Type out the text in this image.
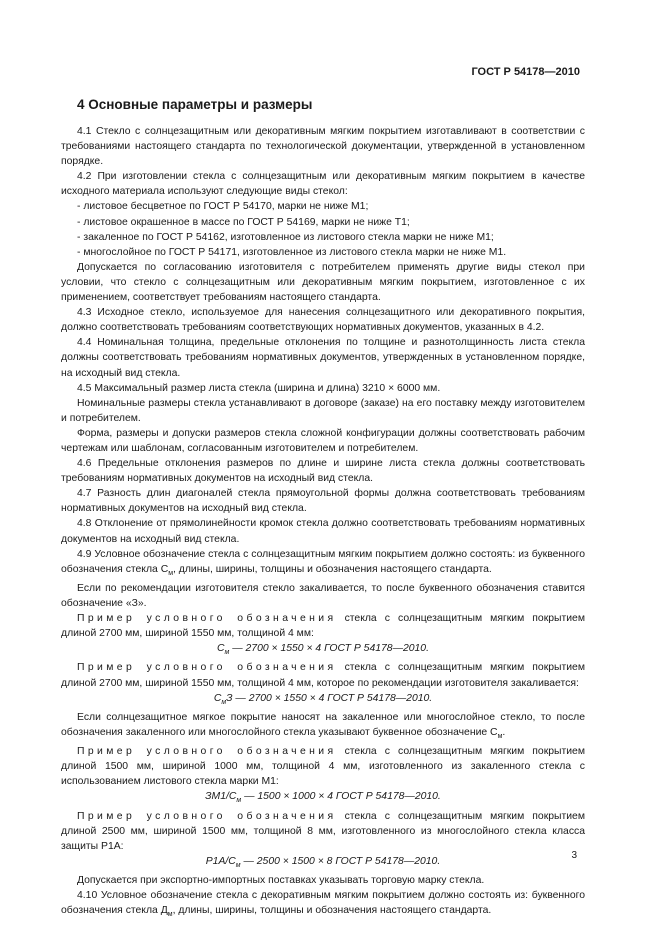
ГОСТ Р 54178—2010
4 Основные параметры и размеры

4.1 Стекло с солнцезащитным или декоративным мягким покрытием изготавливают в соответствии с требованиями настоящего стандарта по технологической документации, утвержденной в установленном порядке.

4.2 При изготовлении стекла с солнцезащитным или декоративным мягким покрытием в качестве исходного материала используют следующие виды стекол:

- листовое бесцветное по ГОСТ Р 54170, марки не ниже М1;

- листовое окрашенное в массе по ГОСТ Р 54169, марки не ниже Т1;

- закаленное по ГОСТ Р 54162, изготовленное из листового стекла марки не ниже М1;

- многослойное по ГОСТ Р 54171, изготовленное из листового стекла марки не ниже М1.

Допускается по согласованию изготовителя с потребителем применять другие виды стекол при условии, что стекло с солнцезащитным или декоративным мягким покрытием, изготовленное с их применением, соответствует требованиям настоящего стандарта.

4.3 Исходное стекло, используемое для нанесения солнцезащитного или декоративного покрытия, должно соответствовать требованиям соответствующих нормативных документов, указанных в 4.2.

4.4 Номинальная толщина, предельные отклонения по толщине и разнотолщинность листа стекла должны соответствовать требованиям нормативных документов, утвержденных в установленном порядке, на исходный вид стекла.

4.5 Максимальный размер листа стекла (ширина и длина) 3210 × 6000 мм.

Номинальные размеры стекла устанавливают в договоре (заказе) на его поставку между изготовителем и потребителем.

Форма, размеры и допуски размеров стекла сложной конфигурации должны соответствовать рабочим чертежам или шаблонам, согласованным изготовителем и потребителем.

4.6 Предельные отклонения размеров по длине и ширине листа стекла должны соответствовать требованиям нормативных документов на исходный вид стекла.

4.7 Разность длин диагоналей стекла прямоугольной формы должна соответствовать требованиям нормативных документов на исходный вид стекла.

4.8 Отклонение от прямолинейности кромок стекла должно соответствовать требованиям нормативных документов на исходный вид стекла.

4.9 Условное обозначение стекла с солнцезащитным мягким покрытием должно состоять: из буквенного обозначения стекла $С_м$, длины, ширины, толщины и обозначения настоящего стандарта.

Если по рекомендации изготовителя стекло закаливается, то после буквенного обозначения ставится обозначение «З».

Пример условного обозначения стекла с солнцезащитным мягким покрытием длиной 2700 мм, шириной 1550 мм, толщиной 4 мм:

$С_м$ — 2700 × 1550 × 4 ГОСТ Р 54178—2010.

Пример условного обозначения стекла с солнцезащитным мягким покрытием длиной 2700 мм, шириной 1550 мм, толщиной 4 мм, которое по рекомендации изготовителя закаливается:

$С_мЗ$ — 2700 × 1550 × 4 ГОСТ Р 54178—2010.

Если солнцезащитное мягкое покрытие наносят на закаленное или многослойное стекло, то после обозначения закаленного или многослойного стекла указывают буквенное обозначение $С_м$.

Пример условного обозначения стекла с солнцезащитным мягким покрытием длиной 1500 мм, шириной 1000 мм, толщиной 4 мм, изготовленного из закаленного стекла с использованием листового стекла марки М1:

$ЗМ1/С_м$ — 1500 × 1000 × 4 ГОСТ Р 54178—2010.

Пример условного обозначения стекла с солнцезащитным мягким покрытием длиной 2500 мм, шириной 1500 мм, толщиной 8 мм, изготовленного из многослойного стекла класса защиты Р1А:

$Р1А/С_м$ — 2500 × 1500 × 8 ГОСТ Р 54178—2010.

Допускается при экспортно-импортных поставках указывать торговую марку стекла.

4.10 Условное обозначение стекла с декоративным мягким покрытием должно состоять из: буквенного обозначения стекла $Д_м$, длины, ширины, толщины и обозначения настоящего стандарта.

3
